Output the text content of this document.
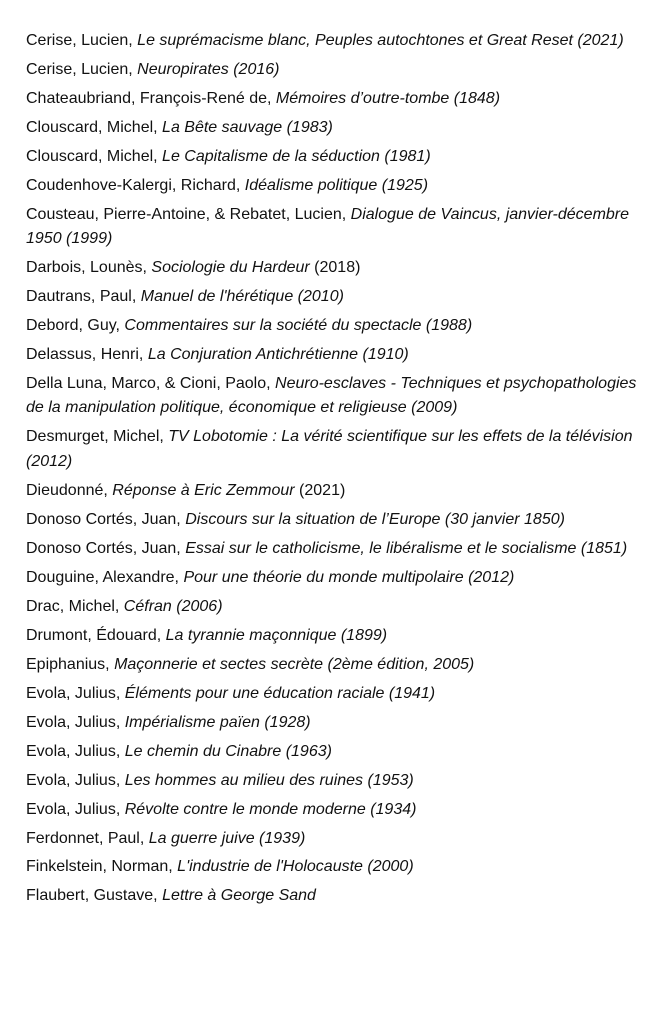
Cerise, Lucien, Le suprémacisme blanc, Peuples autochtones et Great Reset (2021)
Cerise, Lucien, Neuropirates (2016)
Chateaubriand, François-René de, Mémoires d’outre-tombe (1848)
Clouscard, Michel, La Bête sauvage (1983)
Clouscard, Michel, Le Capitalisme de la séduction (1981)
Coudenhove-Kalergi, Richard, Idéalisme politique (1925)
Cousteau, Pierre-Antoine, & Rebatet, Lucien, Dialogue de Vaincus, janvier-décembre 1950 (1999)
Darbois, Lounès, Sociologie du Hardeur (2018)
Dautrans, Paul, Manuel de l'hérétique (2010)
Debord, Guy, Commentaires sur la société du spectacle (1988)
Delassus, Henri, La Conjuration Antichrétienne (1910)
Della Luna, Marco, & Cioni, Paolo, Neuro-esclaves - Techniques et psychopathologies de la manipulation politique, économique et religieuse (2009)
Desmurget, Michel, TV Lobotomie : La vérité scientifique sur les effets de la télévision (2012)
Dieudonné, Réponse à Eric Zemmour (2021)
Donoso Cortés, Juan, Discours sur la situation de l’Europe (30 janvier 1850)
Donoso Cortés, Juan, Essai sur le catholicisme, le libéralisme et le socialisme (1851)
Douguine, Alexandre, Pour une théorie du monde multipolaire (2012)
Drac, Michel, Céfran (2006)
Drumont, Édouard, La tyrannie maçonnique (1899)
Epiphanius, Maçonnerie et sectes secrète (2ème édition, 2005)
Evola, Julius, Éléments pour une éducation raciale (1941)
Evola, Julius, Impérialisme païen (1928)
Evola, Julius, Le chemin du Cinabre (1963)
Evola, Julius, Les hommes au milieu des ruines (1953)
Evola, Julius, Révolte contre le monde moderne (1934)
Ferdonnet, Paul, La guerre juive (1939)
Finkelstein, Norman, L'industrie de l'Holocauste (2000)
Flaubert, Gustave, Lettre à George Sand
